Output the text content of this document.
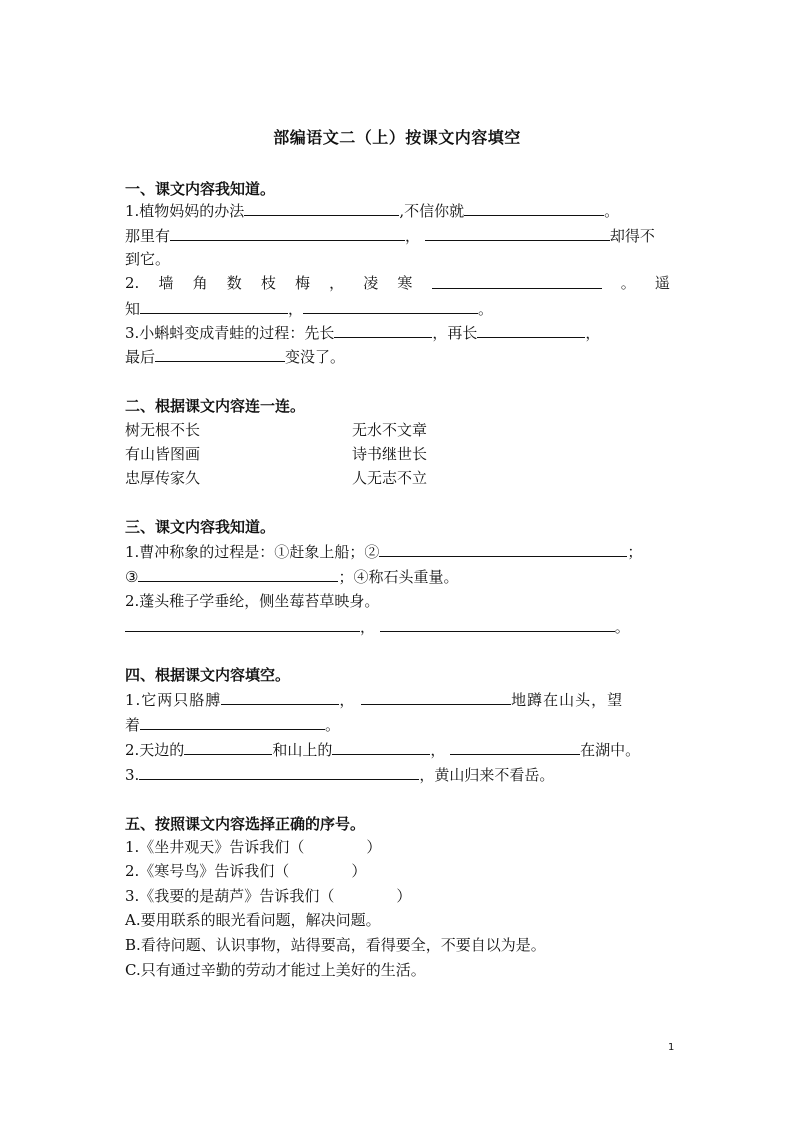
部编语文二（上）按课文内容填空
一、课文内容我知道。
1.植物妈妈的办法	,不信你就	。
那里有	，	却得不
到它。
2. 墙 角 数 枝 梅 ， 凌 寒	。 遥
知	，	。
3.小蝌蚪变成青蛙的过程：先长	，再长	，
最后	变没了。
二、根据课文内容连一连。
树无根不长	无水不文章
有山皆图画	诗书继世长
忠厚传家久	人无志不立
三、课文内容我知道。
1.曹冲称象的过程是：①赶象上船；②	；
③	；④称石头重量。
2.蓬头稚子学垂纶，侧坐莓苔草映身。
，	。
四、根据课文内容填空。
1.它两只胳膊	，	地蹲在山头，望
着	。
2.天边的	和山上的	，	在湖中。
3.	，黄山归来不看岳。
五、按照课文内容选择正确的序号。
1.《坐井观天》告诉我们（	）
2.《寒号鸟》告诉我们（	）
3.《我要的是葫芦》告诉我们（	）
A.要用联系的眼光看问题，解决问题。
B.看待问题、认识事物，站得要高，看得要全，不要自以为是。
C.只有通过辛勤的劳动才能过上美好的生活。
1
